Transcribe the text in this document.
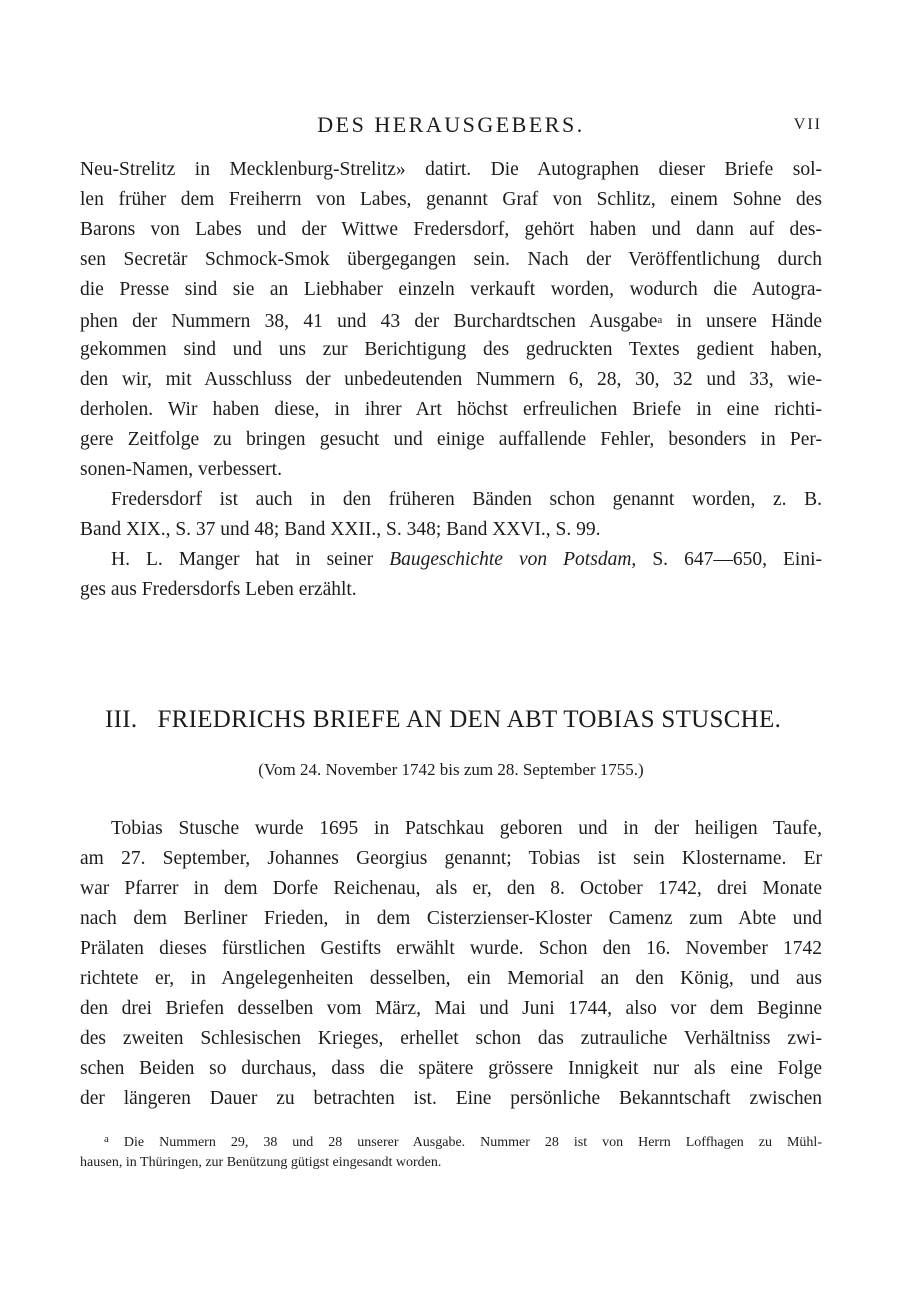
DES HERAUSGEBERS.	VII
Neu-Strelitz in Mecklenburg-Strelitz» datirt. Die Autographen dieser Briefe sol-
len früher dem Freiherrn von Labes, genannt Graf von Schlitz, einem Sohne des
Barons von Labes und der Wittwe Fredersdorf, gehört haben und dann auf des-
sen Secretär Schmock-Smok übergegangen sein. Nach der Veröffentlichung durch
die Presse sind sie an Liebhaber einzeln verkauft worden, wodurch die Autogra-
phen der Nummern 38, 41 und 43 der Burchardtschen Ausgabe$^a$ in unsere Hände
gekommen sind und uns zur Berichtigung des gedruckten Textes gedient haben,
den wir, mit Ausschluss der unbedeutenden Nummern 6, 28, 30, 32 und 33, wie-
derholen. Wir haben diese, in ihrer Art höchst erfreulichen Briefe in eine richti-
gere Zeitfolge zu bringen gesucht und einige auffallende Fehler, besonders in Per-
sonen-Namen, verbessert.
Fredersdorf ist auch in den früheren Bänden schon genannt worden, z. B.
Band XIX., S. 37 und 48; Band XXII., S. 348; Band XXVI., S. 99.
H. L. Manger hat in seiner Baugeschichte von Potsdam, S. 647—650, Eini-
ges aus Fredersdorfs Leben erzählt.
III. FRIEDRICHS BRIEFE AN DEN ABT TOBIAS STUSCHE.
(Vom 24. November 1742 bis zum 28. September 1755.)
Tobias Stusche wurde 1695 in Patschkau geboren und in der heiligen Taufe,
am 27. September, Johannes Georgius genannt; Tobias ist sein Klostername. Er
war Pfarrer in dem Dorfe Reichenau, als er, den 8. October 1742, drei Monate
nach dem Berliner Frieden, in dem Cisterzienser-Kloster Camenz zum Abte und
Prälaten dieses fürstlichen Gestifts erwählt wurde. Schon den 16. November 1742
richtete er, in Angelegenheiten desselben, ein Memorial an den König, und aus
den drei Briefen desselben vom März, Mai und Juni 1744, also vor dem Beginne
des zweiten Schlesischen Krieges, erhellet schon das zutrauliche Verhältniss zwi-
schen Beiden so durchaus, dass die spätere grössere Innigkeit nur als eine Folge
der längeren Dauer zu betrachten ist. Eine persönliche Bekanntschaft zwischen
$^a$ Die Nummern 29, 38 und 28 unserer Ausgabe. Nummer 28 ist von Herrn Loffhagen zu Mühl-
hausen, in Thüringen, zur Benützung gütigst eingesandt worden.
